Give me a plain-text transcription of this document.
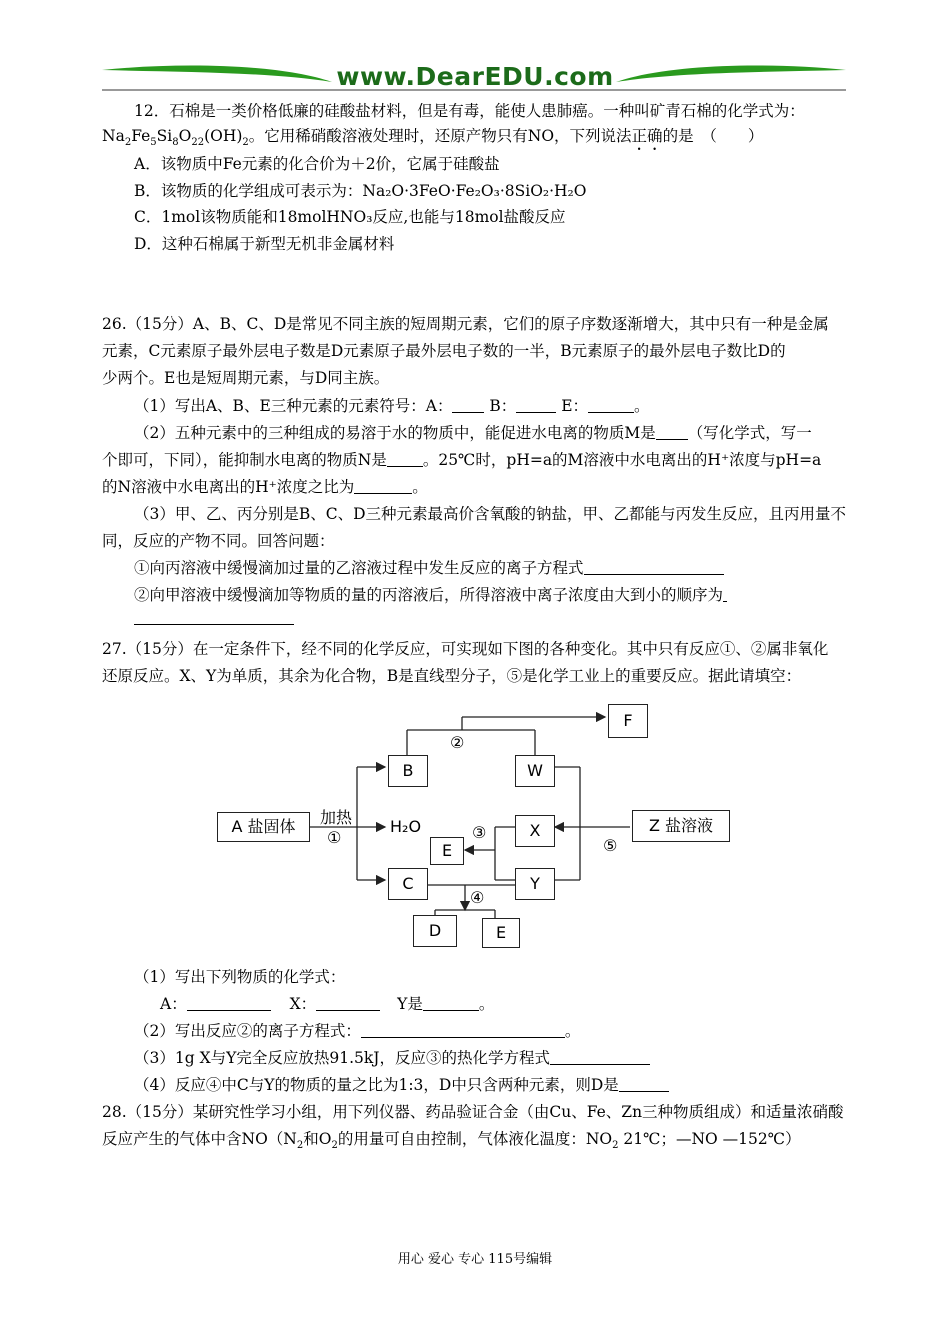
www.DearEDU.com
12．石棉是一类价格低廉的硅酸盐材料，但是有毒，能使人患肺癌。一种叫矿青石棉的化学式为：
$Na_2Fe_5Si_8O_{22}(OH)_2$。它用稀硝酸溶液处理时，还原产物只有NO，下列说法正确的是　（　　）
A．该物质中Fe元素的化合价为＋2价，它属于硅酸盐
B．该物质的化学组成可表示为：Na₂O·3FeO·Fe₂O₃·8SiO₂·H₂O
C．1mol该物质能和18molHNO₃反应,也能与18mol盐酸反应
D．这种石棉属于新型无机非金属材料
26.（15分）A、B、C、D是常见不同主族的短周期元素，它们的原子序数逐渐增大，其中只有一种是金属
元素，C元素原子最外层电子数是D元素原子最外层电子数的一半，B元素原子的最外层电子数比D的
少两个。E也是短周期元素，与D同主族。
（1）写出A、B、E三种元素的元素符号：A： B：	E：	。
（2）五种元素中的三种组成的易溶于水的物质中，能促进水电离的物质M是 （写化学式，写一
个即可，下同），能抑制水电离的物质N是 。25℃时，pH=a的M溶液中水电离出的H⁺浓度与pH=a
的N溶液中水电离出的H⁺浓度之比为	。
（3）甲、乙、丙分别是B、C、D三种元素最高价含氧酸的钠盐，甲、乙都能与丙发生反应，且丙用量不
同，反应的产物不同。回答问题：
①向丙溶液中缓慢滴加过量的乙溶液过程中发生反应的离子方程式
②向甲溶液中缓慢滴加等物质的量的丙溶液后，所得溶液中离子浓度由大到小的顺序为
27.（15分）在一定条件下，经不同的化学反应，可实现如下图的各种变化。其中只有反应①、②属非氧化
还原反应。X、Y为单质，其余为化合物，B是直线型分子，⑤是化学工业上的重要反应。据此请填空：
A 盐固体
B
C
W
X
Y
F
E
D	E
Z 盐溶液
加热
①
H₂O
②
③
④
⑤
（1）写出下列物质的化学式：
A：	X：	Y是	。
（2）写出反应②的离子方程式：	。
（3）1g X与Y完全反应放热91.5kJ，反应③的热化学方程式
（4）反应④中C与Y的物质的量之比为1:3，D中只含两种元素，则D是
28.（15分）某研究性学习小组，用下列仪器、药品验证合金（由Cu、Fe、Zn三种物质组成）和适量浓硝酸
反应产生的气体中含$NO(N_2$和$O_2$的用量可自由控制，气体液化温度：$NO_2$ 21℃；—NO —152℃）
用心 爱心 专心 115号编辑
